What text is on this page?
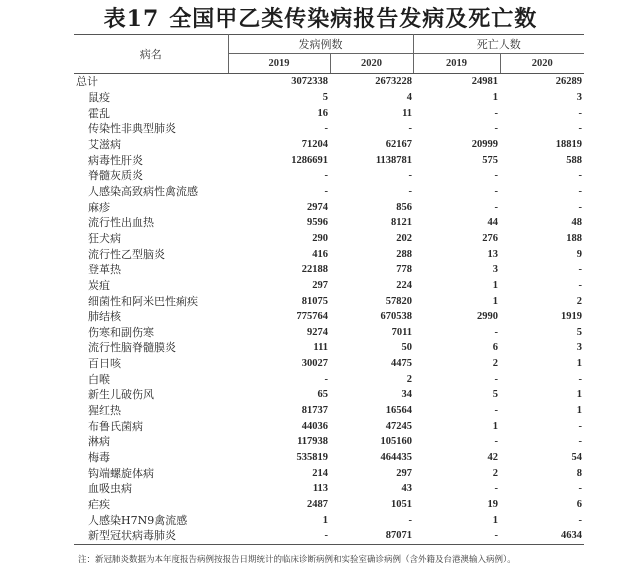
表17 全国甲乙类传染病报告发病及死亡数
病名	发病例数		死亡人数	
	2019	2020	2019	2020
总计	3072338	2673228	24981	26289
鼠疫	5	4	1	3
霍乱	16	11	-	-
传染性非典型肺炎	-	-	-	-
艾滋病	71204	62167	20999	18819
病毒性肝炎	1286691	1138781	575	588
脊髓灰质炎	-	-	-	-
人感染高致病性禽流感	-	-	-	-
麻疹	2974	856	-	-
流行性出血热	9596	8121	44	48
狂犬病	290	202	276	188
流行性乙型脑炎	416	288	13	9
登革热	22188	778	3	-
炭疽	297	224	1	-
细菌性和阿米巴性痢疾	81075	57820	1	2
肺结核	775764	670538	2990	1919
伤寒和副伤寒	9274	7011	-	5
流行性脑脊髓膜炎	111	50	6	3
百日咳	30027	4475	2	1
白喉	-	2	-	-
新生儿破伤风	65	34	5	1
猩红热	81737	16564	-	1
布鲁氏菌病	44036	47245	1	-
淋病	117938	105160	-	-
梅毒	535819	464435	42	54
钩端螺旋体病	214	297	2	8
血吸虫病	113	43	-	-
疟疾	2487	1051	19	6
人感染H7N9禽流感	1	-	1	-
新型冠状病毒肺炎	-	87071	-	4634
注：新冠肺炎数据为本年度报告病例按报告日期统计的临床诊断病例和实验室确诊病例（含外籍及台港澳输入病例）。
